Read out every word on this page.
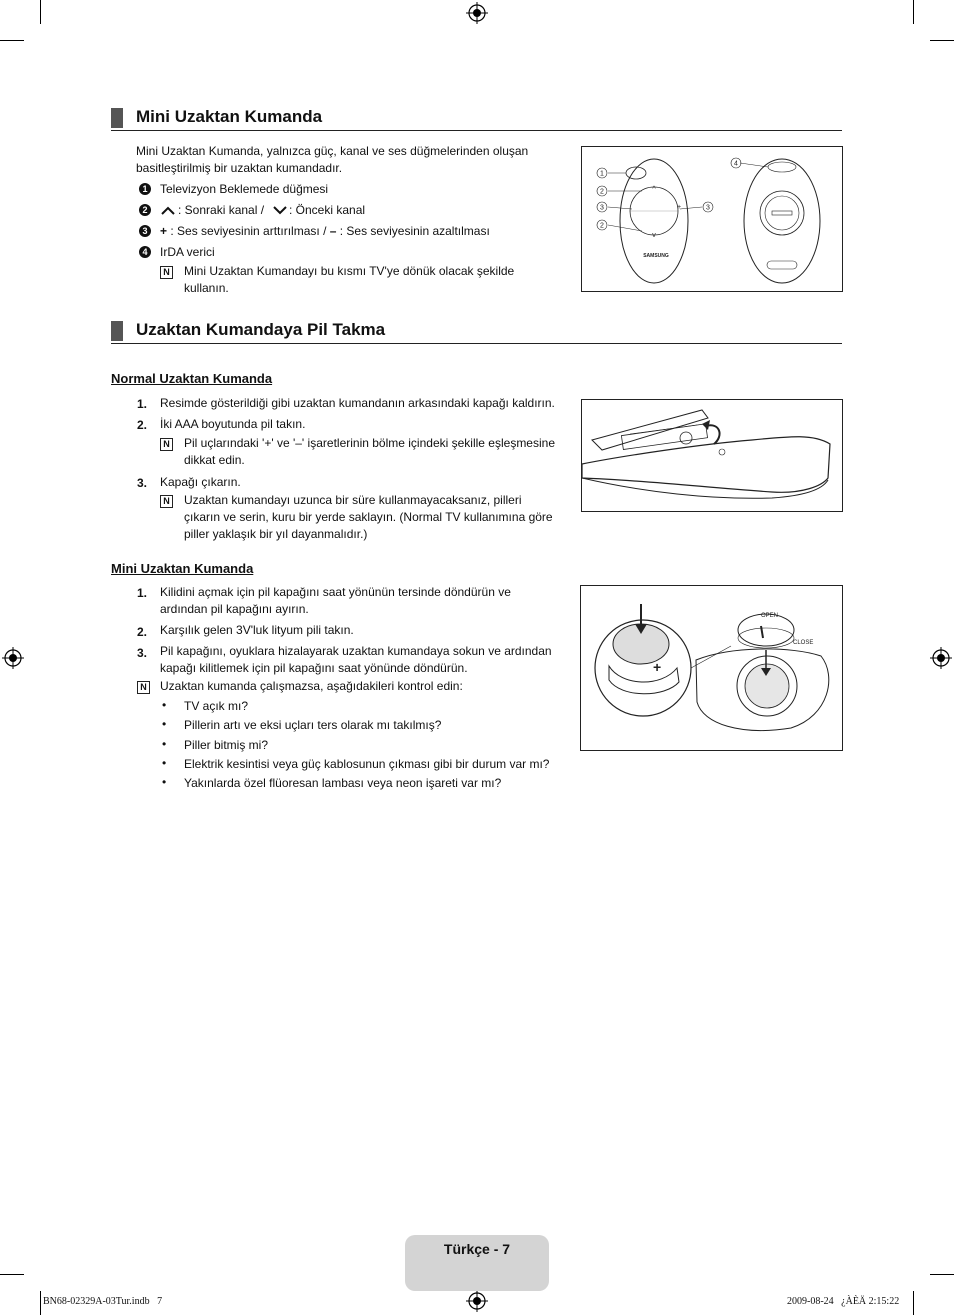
Mini Uzaktan Kumanda
Mini Uzaktan Kumanda, yalnızca güç, kanal ve ses düğmelerinden oluşan
basitleştirilmiş bir uzaktan kumandadır.
1 Televizyon Beklemede düğmesi
2	: Sonraki kanal / : Önceki kanal
3 + : Ses seviyesinin arttırılması / – : Ses seviyesinin azaltılması
4 IrDA verici
N Mini Uzaktan Kumandayı bu kısmı TV'ye dönük olacak şekilde
kullanın.
^
+
v
SAMSUNG
1
2
3
2
3
4
Uzaktan Kumandaya Pil Takma
Normal Uzaktan Kumanda
1. Resimde gösterildiği gibi uzaktan kumandanın arkasındaki kapağı kaldırın.
2. İki AAA boyutunda pil takın.
N Pil uçlarındaki '+' ve '–' işaretlerinin bölme içindeki şekille eşleşmesine
dikkat edin.
3. Kapağı çıkarın.
N Uzaktan kumandayı uzunca bir süre kullanmayacaksanız, pilleri
çıkarın ve serin, kuru bir yerde saklayın. (Normal TV kullanımına göre
piller yaklaşık bir yıl dayanmalıdır.)
Mini Uzaktan Kumanda
1. Kilidini açmak için pil kapağını saat yönünün tersinde döndürün ve
ardından pil kapağını ayırın.
2. Karşılık gelen 3V'luk lityum pili takın.
3. Pil kapağını, oyuklara hizalayarak uzaktan kumandaya sokun ve ardından
kapağı kilitlemek için pil kapağını saat yönünde döndürün.
N Uzaktan kumanda çalışmazsa, aşağıdakileri kontrol edin:
• TV açık mı?
• Pillerin artı ve eksi uçları ters olarak mı takılmış?
• Piller bitmiş mi?
• Elektrik kesintisi veya güç kablosunun çıkması gibi bir durum var mı?
• Yakınlarda özel flüoresan lambası veya neon işareti var mı?
+
OPEN
CLOSE
Türkçe - 7
BN68-02329A-03Tur.indb   7	2009-08-24   ¿ÀÈÄ 2:15:22
